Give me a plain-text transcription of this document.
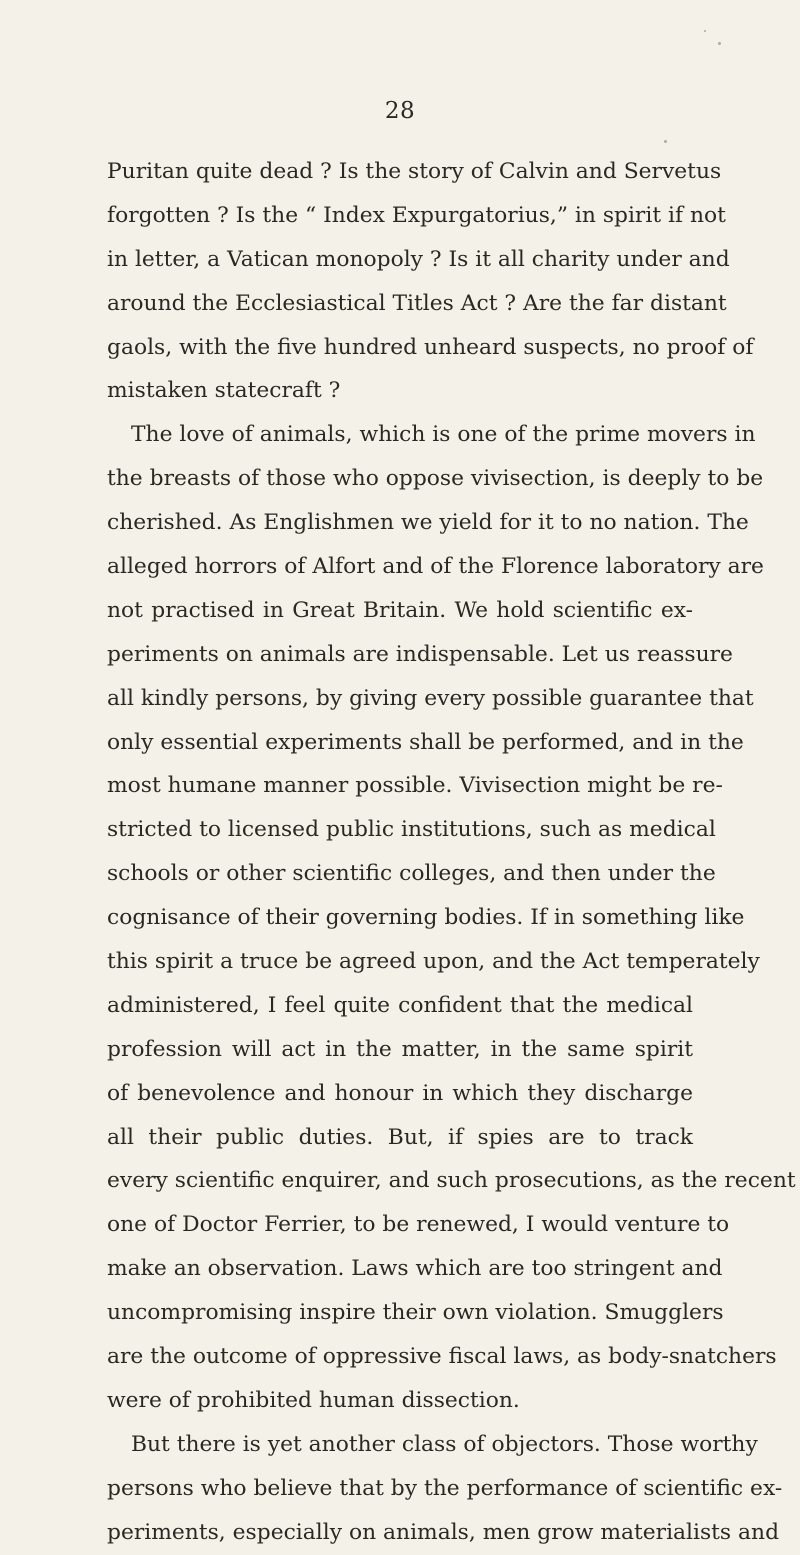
28
Puritan quite dead ? Is the story of Calvin and Servetus
forgotten ? Is the “ Index Expurgatorius,” in spirit if not
in letter, a Vatican monopoly ? Is it all charity under and
around the Ecclesiastical Titles Act ? Are the far distant
gaols, with the five hundred unheard suspects, no proof of
mistaken statecraft ?
The love of animals, which is one of the prime movers in
the breasts of those who oppose vivisection, is deeply to be
cherished. As Englishmen we yield for it to no nation. The
alleged horrors of Alfort and of the Florence laboratory are
not practised in Great Britain. We hold scientific ex-
periments on animals are indispensable. Let us reassure
all kindly persons, by giving every possible guarantee that
only essential experiments shall be performed, and in the
most humane manner possible. Vivisection might be re-
stricted to licensed public institutions, such as medical
schools or other scientific colleges, and then under the
cognisance of their governing bodies. If in something like
this spirit a truce be agreed upon, and the Act temperately
administered, I feel quite confident that the medical
profession will act in the matter, in the same spirit
of benevolence and honour in which they discharge
all their public duties. But, if spies are to track
every scientific enquirer, and such prosecutions, as the recent
one of Doctor Ferrier, to be renewed, I would venture to
make an observation. Laws which are too stringent and
uncompromising inspire their own violation. Smugglers
are the outcome of oppressive fiscal laws, as body-snatchers
were of prohibited human dissection.
But there is yet another class of objectors. Those worthy
persons who believe that by the performance of scientific ex-
periments, especially on animals, men grow materialists and
